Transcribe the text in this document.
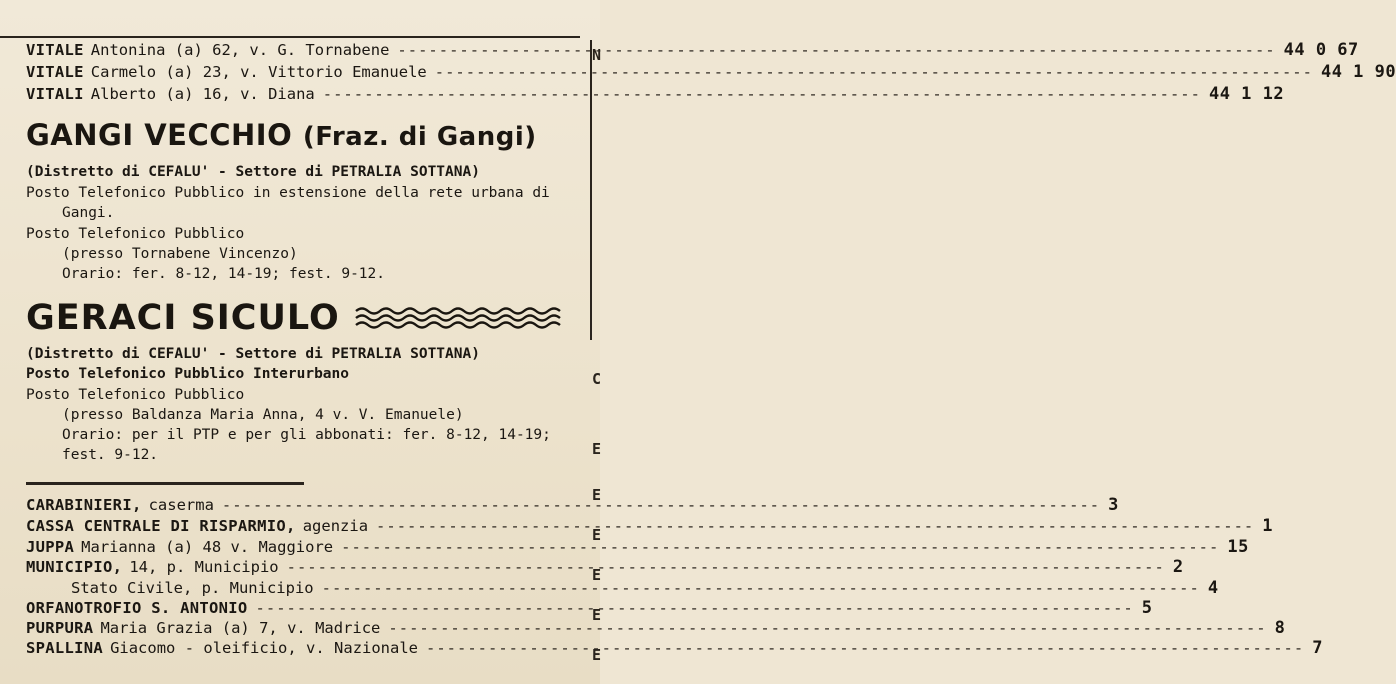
N
C
E
E
E
E
E
E
VITALE Antonina (a) 62, v. G. Tornabene -----	44 0 67
VITALE Carmelo (a) 23, v. Vittorio Emanuele -----	44 1 90
VITALI Alberto (a) 16, v. Diana -----	44 1 12
GANGI VECCHIO (Fraz. di Gangi)
(Distretto di CEFALU' - Settore di PETRALIA SOTTANA)
Posto Telefonico Pubblico in estensione della rete urbana di
Gangi.
Posto Telefonico Pubblico
(presso Tornabene Vincenzo)
Orario: fer. 8-12, 14-19; fest. 9-12.
GERACI SICULO
(Distretto di CEFALU' - Settore di PETRALIA SOTTANA)
Posto Telefonico Pubblico Interurbano
Posto Telefonico Pubblico
(presso Baldanza Maria Anna, 4 v. V. Emanuele)
Orario: per il PTP e per gli abbonati: fer. 8-12, 14-19;
fest. 9-12.
CARABINIERI, caserma -----	3
CASSA CENTRALE DI RISPARMIO, agenzia -----	1
JUPPA Marianna (a) 48 v. Maggiore -----	15
MUNICIPIO, 14, p. Municipio -----	2
Stato Civile, p. Municipio -----	4
ORFANOTROFIO S. ANTONIO -----	5
PURPURA Maria Grazia (a) 7, v. Madrice -----	8
SPALLINA Giacomo - oleificio, v. Nazionale -----	7
